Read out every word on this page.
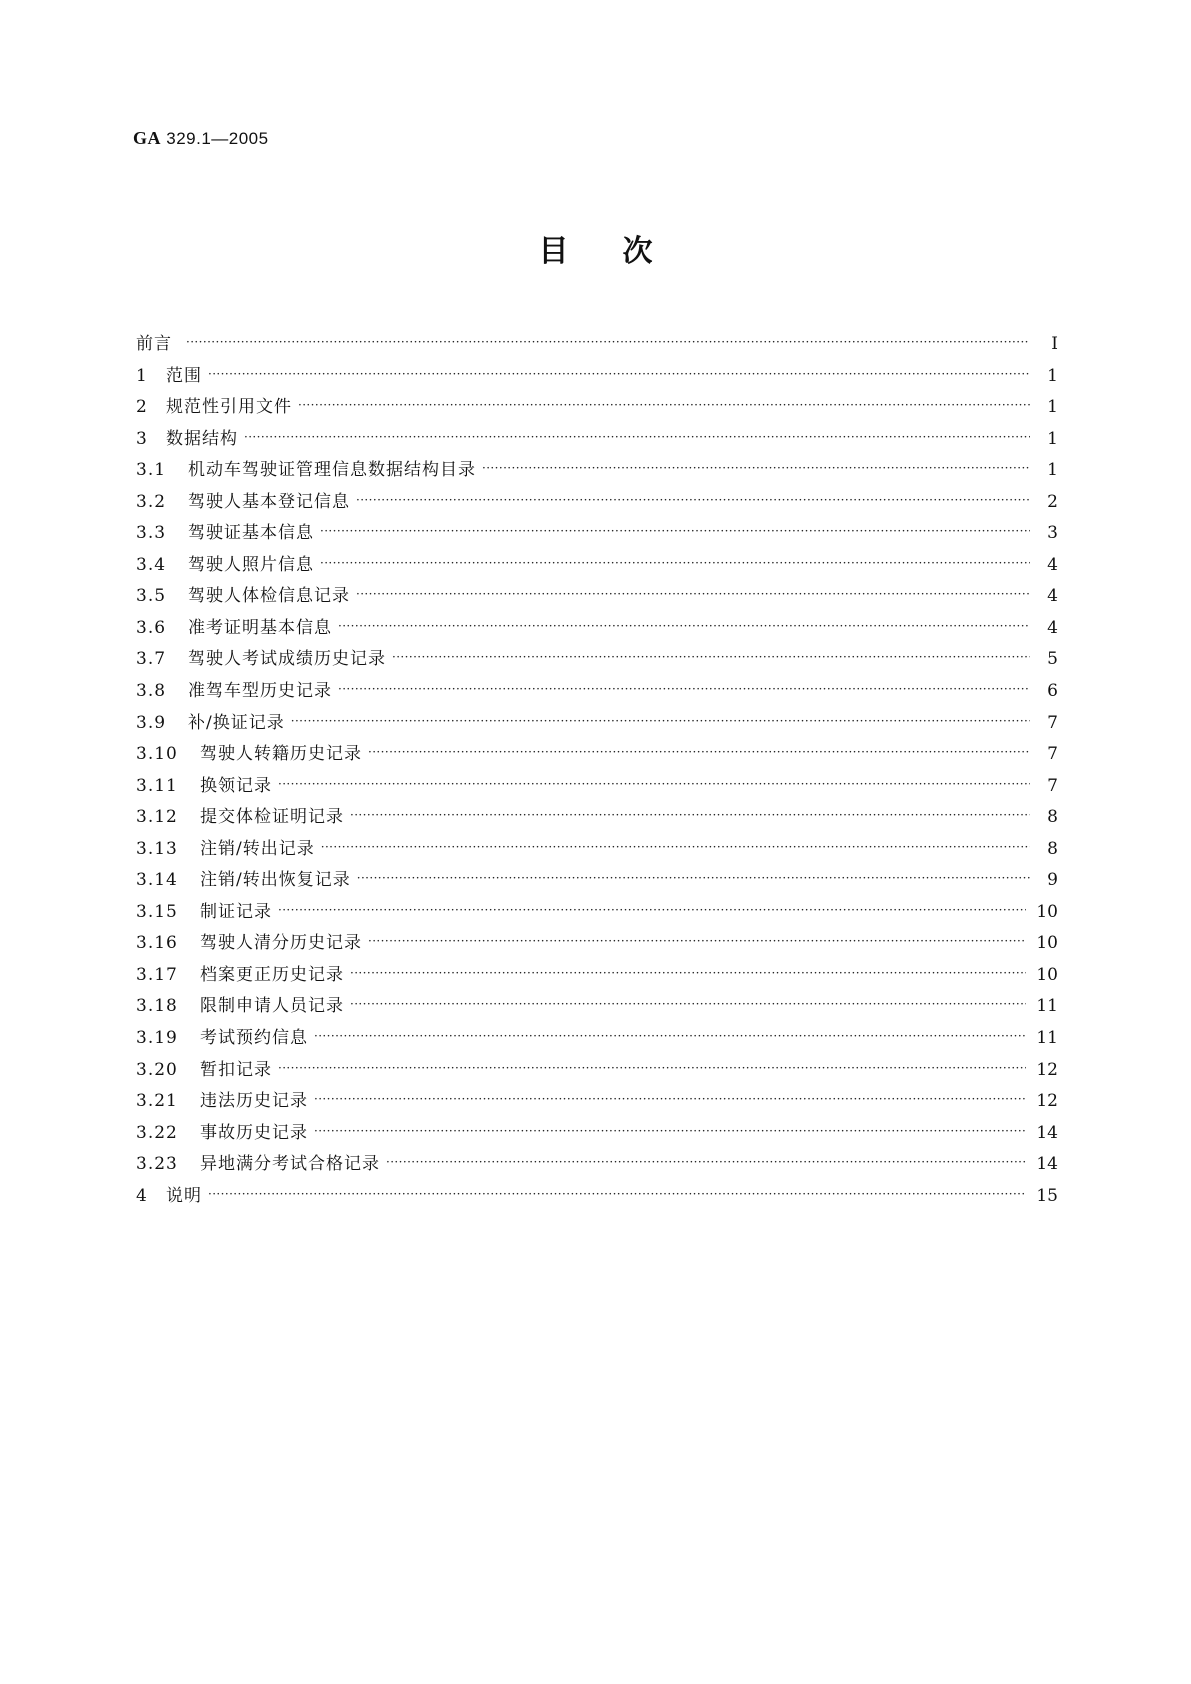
GA 329.1—2005
目次
前言 ·····	Ⅰ
1	范围 ·····	1
2	规范性引用文件 ·····	1
3	数据结构 ·····	1
3.1	机动车驾驶证管理信息数据结构目录 ·····	1
3.2	驾驶人基本登记信息 ·····	2
3.3	驾驶证基本信息 ·····	3
3.4	驾驶人照片信息 ·····	4
3.5	驾驶人体检信息记录 ·····	4
3.6	准考证明基本信息 ·····	4
3.7	驾驶人考试成绩历史记录 ·····	5
3.8	准驾车型历史记录 ·····	6
3.9	补/换证记录 ·····	7
3.10	驾驶人转籍历史记录 ·····	7
3.11	换领记录 ·····	7
3.12	提交体检证明记录 ·····	8
3.13	注销/转出记录 ·····	8
3.14	注销/转出恢复记录 ·····	9
3.15	制证记录 ·····	10
3.16	驾驶人清分历史记录 ·····	10
3.17	档案更正历史记录 ·····	10
3.18	限制申请人员记录 ·····	11
3.19	考试预约信息 ·····	11
3.20	暂扣记录 ·····	12
3.21	违法历史记录 ·····	12
3.22	事故历史记录 ·····	14
3.23	异地满分考试合格记录 ·····	14
4	说明 ·····	15
